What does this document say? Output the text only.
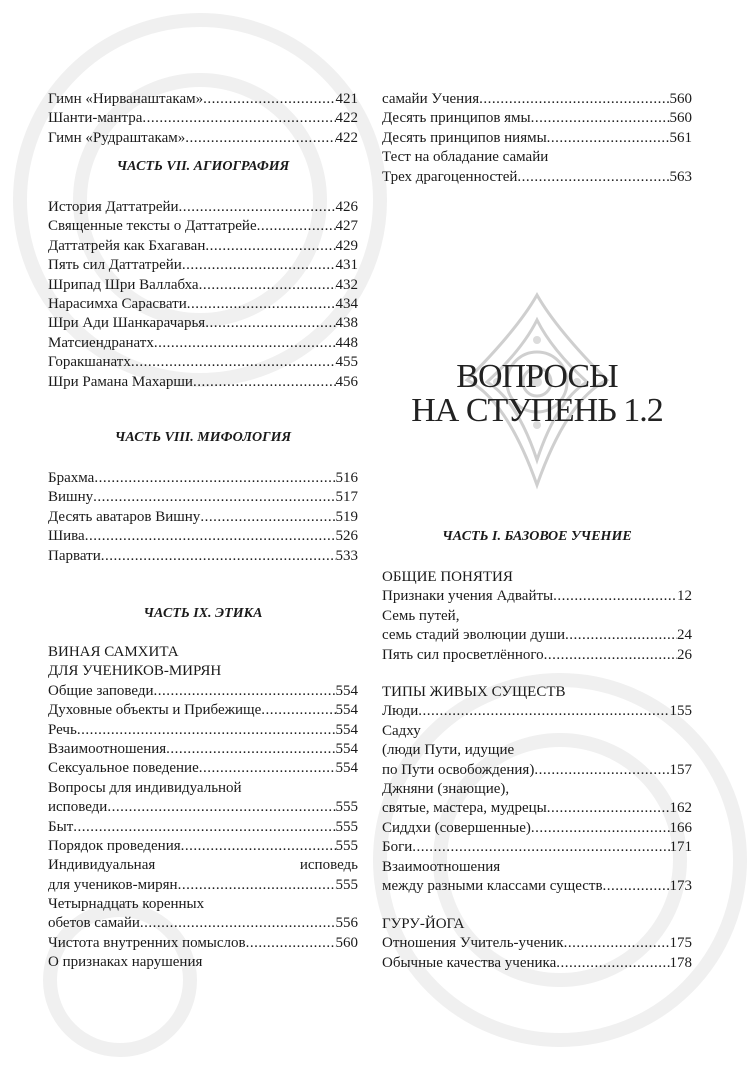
Гимн «Нирванаштакам» .....	421
Шанти-мантра .....	422
Гимн «Рудраштакам» .....	422
ЧАСТЬ VII. АГИОГРАФИЯ
История Даттатрейи .....	426
Священные тексты о Даттатрейе .....	427
Даттатрейя как Бхагаван .....	429
Пять сил Даттатрейи .....	431
Шрипад Шри Валлабха .....	432
Нарасимха Сарасвати .....	434
Шри Ади Шанкарачарья .....	438
Матсиендранатх .....	448
Горакшанатх .....	455
Шри Рамана Махарши .....	456
ЧАСТЬ VIII. МИФОЛОГИЯ
Брахма .....	516
Вишну .....	517
Десять аватаров Вишну .....	519
Шива .....	526
Парвати .....	533
ЧАСТЬ IX. ЭТИКА
ВИНАЯ САМХИТА
ДЛЯ УЧЕНИКОВ-МИРЯН
Общие заповеди .....	554
Духовные объекты и Прибежище .....	554
Речь .....	554
Взаимоотношения .....	554
Сексуальное поведение .....	554
Вопросы для индивидуальной
исповеди .....	555
Быт .....	555
Порядок проведения .....	555
Индивидуальная	исповедь
для учеников-мирян .....	555
Четырнадцать коренных
обетов самайи .....	556
Чистота внутренних помыслов .....	560
О признаках нарушения
самайи Учения .....	560
Десять принципов ямы .....	560
Десять принципов ниямы .....	561
Тест на обладание самайи
Трех драгоценностей .....	563
ВОПРОСЫ
НА СТУПЕНЬ 1.2
ЧАСТЬ I. БАЗОВОЕ УЧЕНИЕ
ОБЩИЕ ПОНЯТИЯ
Признаки учения Адвайты .....	12
Семь путей,
семь стадий эволюции души .....	24
Пять сил просветлённого .....	26
ТИПЫ ЖИВЫХ СУЩЕСТВ
Люди .....	155
Садху
(люди Пути, идущие
по Пути освобождения) .....	157
Джняни (знающие),
святые, мастера, мудрецы .....	162
Сиддхи (совершенные) .....	166
Боги .....	171
Взаимоотношения
между разными классами существ .....	173
ГУРУ-ЙОГА
Отношения Учитель-ученик .....	175
Обычные качества ученика .....	178
